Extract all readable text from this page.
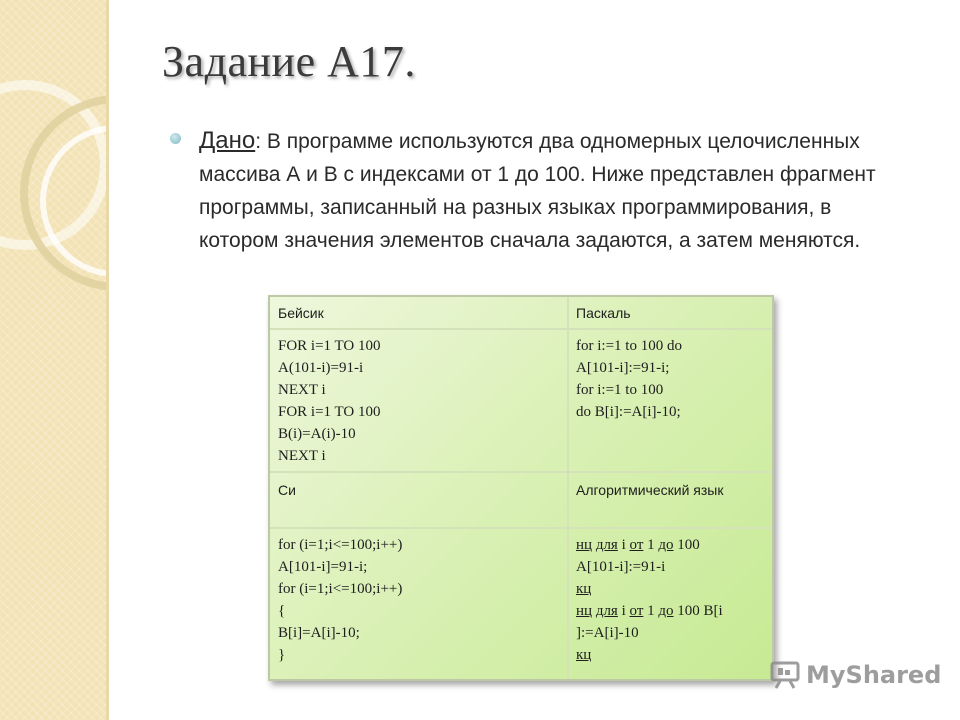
Задание А17.
Дано: В программе используются два одномерных целочисленных массива А и В с индексами от 1 до 100. Ниже представлен фрагмент программы, записанный на разных языках программирования, в котором значения элементов сначала задаются, а затем меняются.
Бейсик	Паскаль
FOR i=1 TO 100
A(101-i)=91-i
NEXT i
FOR i=1 TO 100
B(i)=A(i)-10
NEXT i
for i:=1 to 100 do
A[101-i]:=91-i;
for i:=1 to 100
do B[i]:=A[i]-10;
Си	Алгоритмический язык
for (i=1;i<=100;i++)
A[101-i]=91-i;
for (i=1;i<=100;i++)
{
B[i]=A[i]-10;
}
нц для i от 1 до 100
A[101-i]:=91-i
кц
нц для i от 1 до 100 B[i
]:=A[i]-10
кц
MyShared
